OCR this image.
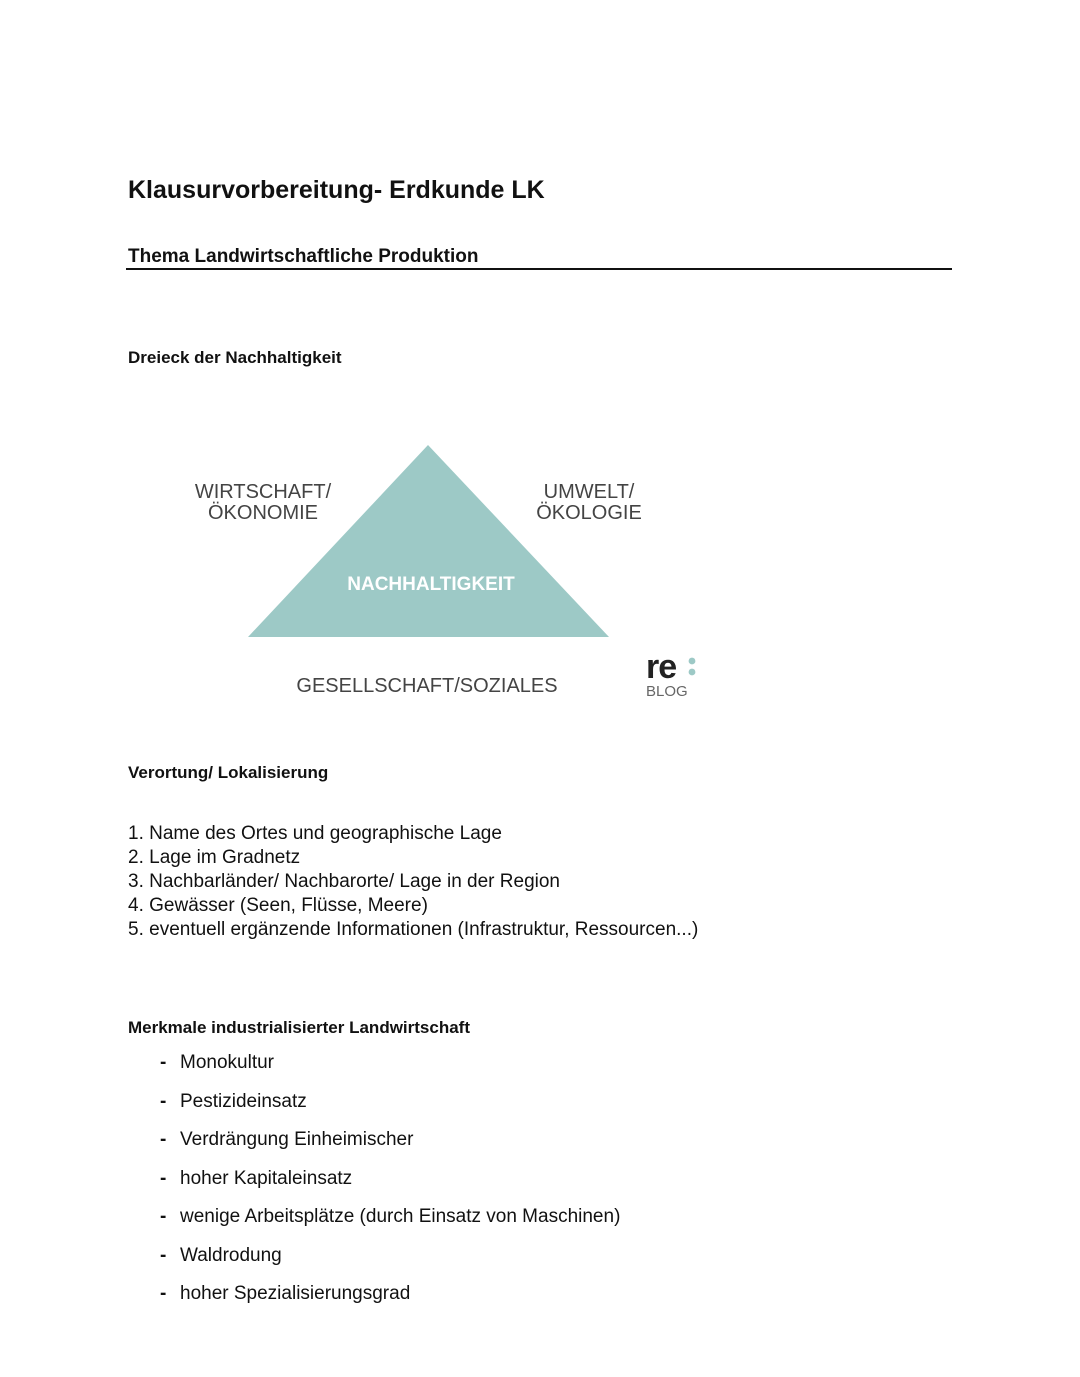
Klausurvorbereitung- Erdkunde LK
Thema Landwirtschaftliche Produktion
Dreieck der Nachhaltigkeit
NACHHALTIGKEIT
WIRTSCHAFT/
ÖKONOMIE
UMWELT/
ÖKOLOGIE
GESELLSCHAFT/SOZIALES	re
BLOG
Verortung/ Lokalisierung
1. Name des Ortes und geographische Lage
2. Lage im Gradnetz
3. Nachbarländer/ Nachbarorte/ Lage in der Region
4. Gewässer (Seen, Flüsse, Meere)
5. eventuell ergänzende Informationen (Infrastruktur, Ressourcen...)
Merkmale industrialisierter Landwirtschaft
- Monokultur
- Pestizideinsatz
- Verdrängung Einheimischer
- hoher Kapitaleinsatz
- wenige Arbeitsplätze (durch Einsatz von Maschinen)
- Waldrodung
- hoher Spezialisierungsgrad
